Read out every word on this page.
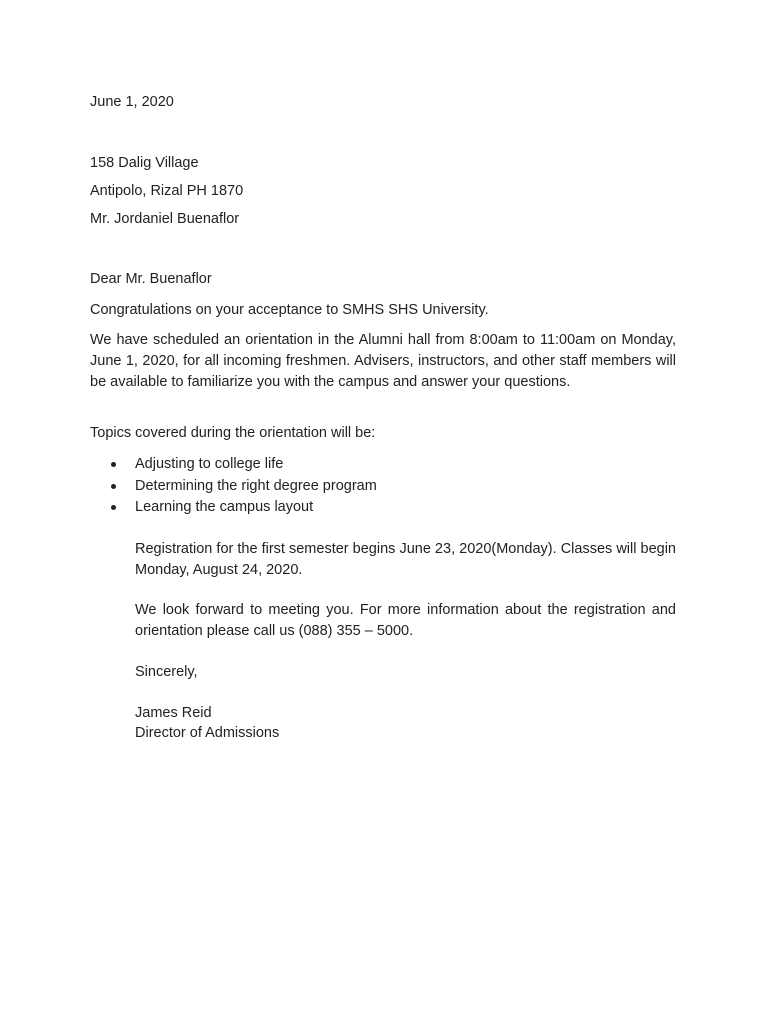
June 1, 2020
158 Dalig Village
Antipolo, Rizal PH 1870
Mr. Jordaniel Buenaflor
Dear Mr. Buenaflor
Congratulations on your acceptance to SMHS SHS University.
We have scheduled an orientation in the Alumni hall from 8:00am to 11:00am on Monday, June 1, 2020, for all incoming freshmen. Advisers, instructors, and other staff members will be available to familiarize you with the campus and answer your questions.
Topics covered during the orientation will be:
Adjusting to college life
Determining the right degree program
Learning the campus layout
Registration for the first semester begins June 23, 2020(Monday). Classes will begin Monday, August 24, 2020.
We look forward to meeting you. For more information about the registration and orientation please call us (088) 355 – 5000.
Sincerely,
James Reid
Director of Admissions
